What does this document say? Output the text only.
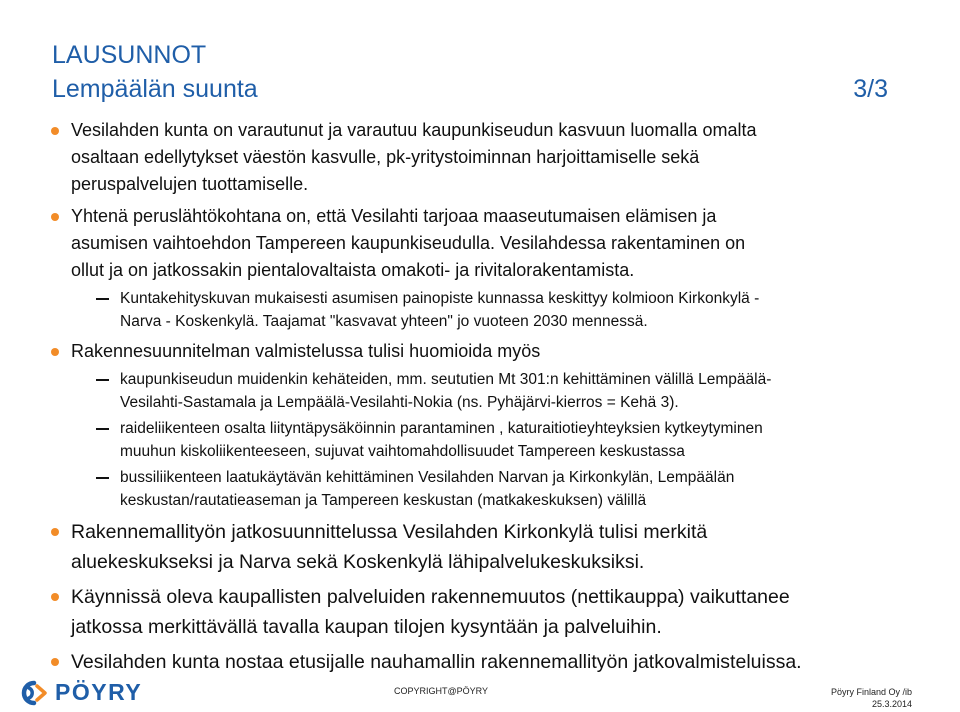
LAUSUNNOT
Lempäälän suunta	3/3
Vesilahden kunta on varautunut ja varautuu kaupunkiseudun kasvuun luomalla omalta
osaltaan edellytykset väestön kasvulle, pk-yritystoiminnan harjoittamiselle sekä
peruspalvelujen tuottamiselle.
Yhtenä peruslähtökohtana on, että Vesilahti tarjoaa maaseutumaisen elämisen ja
asumisen vaihtoehdon Tampereen kaupunkiseudulla. Vesilahdessa rakentaminen on
ollut ja on jatkossakin pientalovaltaista omakoti- ja rivitalorakentamista.
Kuntakehityskuvan mukaisesti asumisen painopiste kunnassa keskittyy kolmioon Kirkonkylä -
Narva - Koskenkylä. Taajamat "kasvavat yhteen" jo vuoteen 2030 mennessä.
Rakennesuunnitelman valmistelussa tulisi huomioida myös
kaupunkiseudun muidenkin kehäteiden, mm. seututien Mt 301:n kehittäminen välillä Lempäälä-
Vesilahti-Sastamala ja Lempäälä-Vesilahti-Nokia (ns. Pyhäjärvi-kierros = Kehä 3).
raideliikenteen osalta liityntäpysäköinnin parantaminen , katuraitiotieyhteyksien kytkeytyminen
muuhun kiskoliikenteeseen, sujuvat vaihtomahdollisuudet Tampereen keskustassa
bussiliikenteen laatukäytävän kehittäminen Vesilahden Narvan ja Kirkonkylän, Lempäälän
keskustan/rautatieaseman ja Tampereen keskustan (matkakeskuksen) välillä
Rakennemallityön jatkosuunnittelussa Vesilahden Kirkonkylä tulisi merkitä
aluekeskukseksi ja Narva sekä Koskenkylä lähipalvelukeskuksiksi.
Käynnissä oleva kaupallisten palveluiden rakennemuutos (nettikauppa) vaikuttanee
jatkossa merkittävällä tavalla kaupan tilojen kysyntään ja palveluihin.
Vesilahden kunta nostaa etusijalle nauhamallin rakennemallityön jatkovalmisteluissa.
PÖYRY	COPYRIGHT@PÖYRY	Pöyry Finland Oy /ib
25.3.2014
